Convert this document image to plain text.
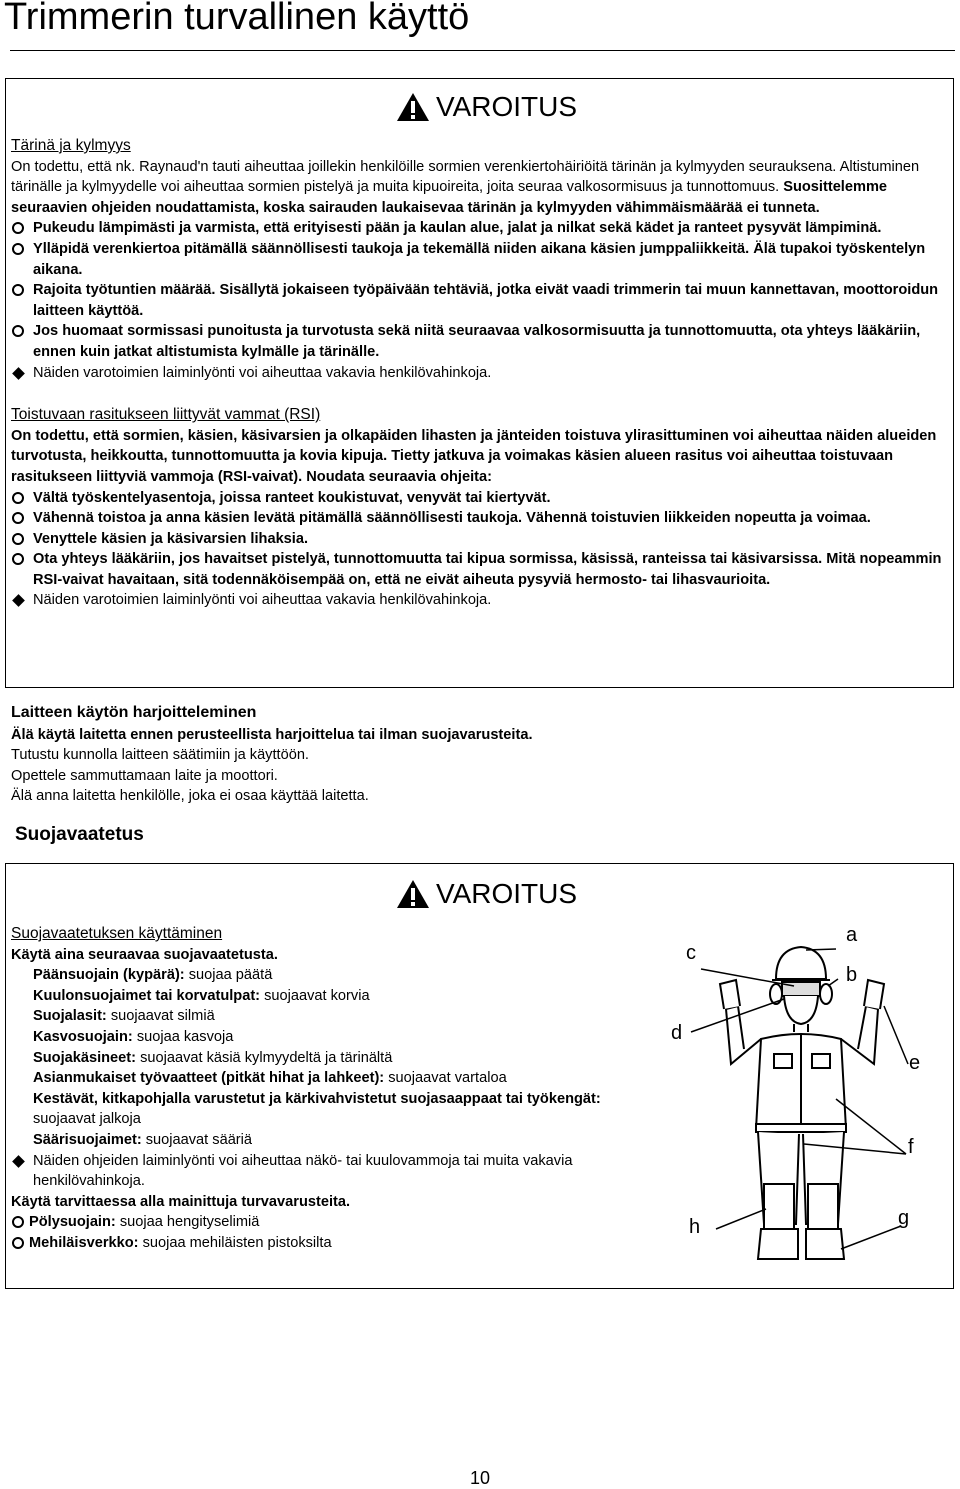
Trimmerin turvallinen käyttö
VAROITUS

Tärinä ja kylmyys

On todettu, että nk. Raynaud'n tauti aiheuttaa joillekin henkilöille sormien verenkiertohäiriöitä tärinän ja kylmyyden seurauksena. Altistuminen tärinälle ja kylmyydelle voi aiheuttaa sormien pistelyä ja muita kipuoireita, joita seuraa valkosormisuus ja tunnottomuus. Suosittelemme seuraavien ohjeiden noudattamista, koska sairauden laukaisevaa tärinän ja kylmyyden vähimmäismäärää ei tunneta.

Pukeudu lämpimästi ja varmista, että erityisesti pään ja kaulan alue, jalat ja nilkat sekä kädet ja ranteet pysyvät lämpiminä.

Ylläpidä verenkiertoa pitämällä säännöllisesti taukoja ja tekemällä niiden aikana käsien jumppaliikkeitä. Älä tupakoi työskentelyn aikana.

Rajoita työtuntien määrää. Sisällytä jokaiseen työpäivään tehtäviä, jotka eivät vaadi trimmerin tai muun kannettavan, moottoroidun laitteen käyttöä.

Jos huomaat sormissasi punoitusta ja turvotusta sekä niitä seuraavaa valkosormisuutta ja tunnottomuutta, ota yhteys lääkäriin, ennen kuin jatkat altistumista kylmälle ja tärinälle.

Näiden varotoimien laiminlyönti voi aiheuttaa vakavia henkilövahinkoja.

Toistuvaan rasitukseen liittyvät vammat (RSI)

On todettu, että sormien, käsien, käsivarsien ja olkapäiden lihasten ja jänteiden toistuva ylirasittuminen voi aiheuttaa näiden alueiden turvotusta, heikkoutta, tunnottomuutta ja kovia kipuja. Tietty jatkuva ja voimakas käsien alueen rasitus voi aiheuttaa toistuvaan rasitukseen liittyviä vammoja (RSI-vaivat). Noudata seuraavia ohjeita:

Vältä työskentelyasentoja, joissa ranteet koukistuvat, venyvät tai kiertyvät.

Vähennä toistoa ja anna käsien levätä pitämällä säännöllisesti taukoja. Vähennä toistuvien liikkeiden nopeutta ja voimaa.

Venyttele käsien ja käsivarsien lihaksia.

Ota yhteys lääkäriin, jos havaitset pistelyä, tunnottomuutta tai kipua sormissa, käsissä, ranteissa tai käsivarsissa. Mitä nopeammin RSI-vaivat havaitaan, sitä todennäköisempää on, että ne eivät aiheuta pysyviä hermosto- tai lihasvaurioita.

Näiden varotoimien laiminlyönti voi aiheuttaa vakavia henkilövahinkoja.

Laitteen käytön harjoitteleminen

Älä käytä laitetta ennen perusteellista harjoittelua tai ilman suojavarusteita.

Tutustu kunnolla laitteen säätimiin ja käyttöön.

Opettele sammuttamaan laite ja moottori.

Älä anna laitetta henkilölle, joka ei osaa käyttää laitetta.

Suojavaatetus
VAROITUS

Suojavaatetuksen käyttäminen

Käytä aina seuraavaa suojavaatetusta.

Päänsuojain (kypärä): suojaa päätä

Kuulonsuojaimet tai korvatulpat: suojaavat korvia

Suojalasit: suojaavat silmiä

Kasvosuojain: suojaa kasvoja

Suojakäsineet: suojaavat käsiä kylmyydeltä ja tärinältä

Asianmukaiset työvaatteet (pitkät hihat ja lahkeet): suojaavat vartaloa

Kestävät, kitkapohjalla varustetut ja kärkivahvistetut suojasaappaat tai työkengät: suojaavat jalkoja

Säärisuojaimet: suojaavat sääriä

Näiden ohjeiden laiminlyönti voi aiheuttaa näkö- tai kuulovammoja tai muita vakavia henkilövahinkoja.

Käytä tarvittaessa alla mainittuja turvavarusteita.

Pölysuojain: suojaa hengityselimiä

Mehiläisverkko: suojaa mehiläisten pistoksilta

a
b
c
d
e
f
g
h
10
